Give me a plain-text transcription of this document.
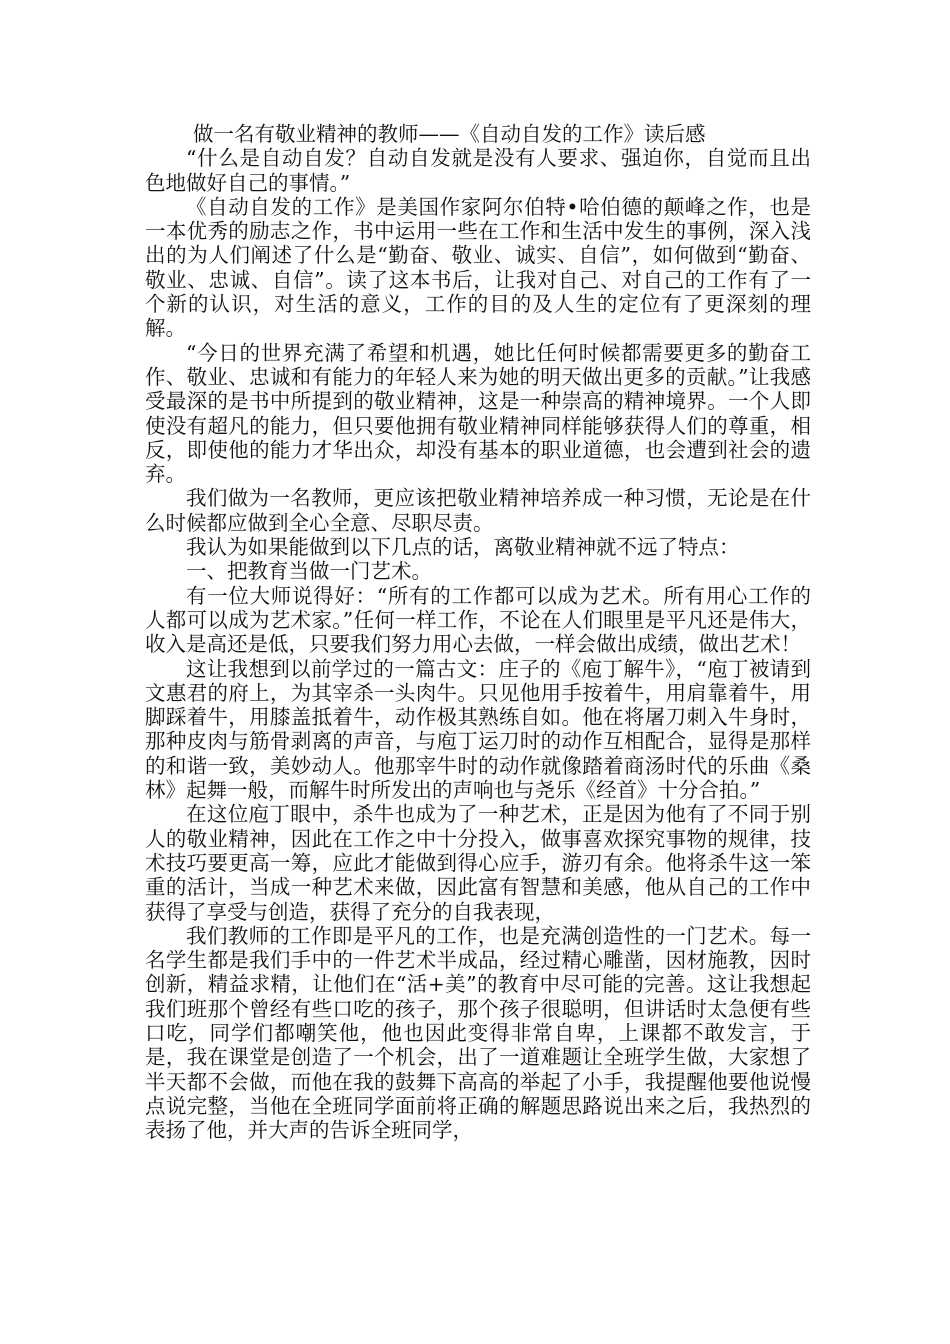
做一名有敬业精神的教师——《自动自发的工作》读后感

“什么是自动自发？自动自发就是没有人要求、强迫你，自觉而且出色地做好自己的事情。”

《自动自发的工作》是美国作家阿尔伯特•哈伯德的颠峰之作，也是一本优秀的励志之作，书中运用一些在工作和生活中发生的事例，深入浅出的为人们阐述了什么是“勤奋、敬业、诚实、自信”，如何做到“勤奋、敬业、忠诚、自信”。读了这本书后，让我对自己、对自己的工作有了一个新的认识，对生活的意义，工作的目的及人生的定位有了更深刻的理解。

“今日的世界充满了希望和机遇，她比任何时候都需要更多的勤奋工作、敬业、忠诚和有能力的年轻人来为她的明天做出更多的贡献。”让我感受最深的是书中所提到的敬业精神，这是一种崇高的精神境界。一个人即使没有超凡的能力，但只要他拥有敬业精神同样能够获得人们的尊重，相反，即使他的能力才华出众，却没有基本的职业道德，也会遭到社会的遗弃。

我们做为一名教师，更应该把敬业精神培养成一种习惯，无论是在什么时候都应做到全心全意、尽职尽责。

我认为如果能做到以下几点的话，离敬业精神就不远了特点：

一、把教育当做一门艺术。

有一位大师说得好：“所有的工作都可以成为艺术。所有用心工作的人都可以成为艺术家。”任何一样工作，不论在人们眼里是平凡还是伟大，收入是高还是低，只要我们努力用心去做，一样会做出成绩，做出艺术！

这让我想到以前学过的一篇古文：庄子的《庖丁解牛》，“庖丁被请到文惠君的府上，为其宰杀一头肉牛。只见他用手按着牛，用肩靠着牛，用脚踩着牛，用膝盖抵着牛，动作极其熟练自如。他在将屠刀刺入牛身时，那种皮肉与筋骨剥离的声音，与庖丁运刀时的动作互相配合，显得是那样的和谐一致，美妙动人。他那宰牛时的动作就像踏着商汤时代的乐曲《桑林》起舞一般，而解牛时所发出的声响也与尧乐《经首》十分合拍。”

在这位庖丁眼中，杀牛也成为了一种艺术，正是因为他有了不同于别人的敬业精神，因此在工作之中十分投入，做事喜欢探究事物的规律，技术技巧要更高一筹，应此才能做到得心应手，游刃有余。他将杀牛这一笨重的活计，当成一种艺术来做，因此富有智慧和美感，他从自己的工作中获得了享受与创造，获得了充分的自我表现，

我们教师的工作即是平凡的工作，也是充满创造性的一门艺术。每一名学生都是我们手中的一件艺术半成品，经过精心雕凿，因材施教，因时创新，精益求精，让他们在“活+美”的教育中尽可能的完善。这让我想起我们班那个曾经有些口吃的孩子，那个孩子很聪明，但讲话时太急便有些口吃，同学们都嘲笑他，他也因此变得非常自卑，上课都不敢发言，于是，我在课堂是创造了一个机会，出了一道难题让全班学生做，大家想了半天都不会做，而他在我的鼓舞下高高的举起了小手，我提醒他要他说慢点说完整，当他在全班同学面前将正确的解题思路说出来之后，我热烈的表扬了他，并大声的告诉全班同学，
